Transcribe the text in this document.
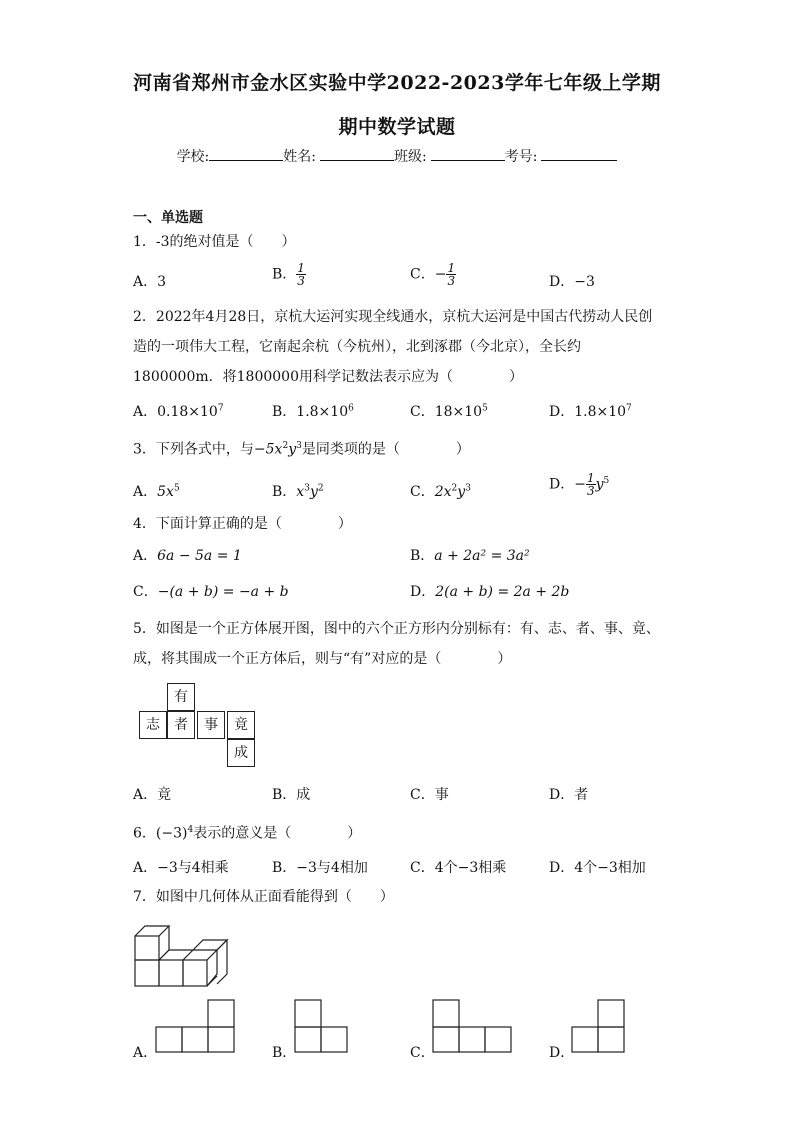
河南省郑州市金水区实验中学2022-2023学年七年级上学期
期中数学试题
学校:	姓名:	班级:	考号:
一、单选题
1．-3的绝对值是（　　）
A．3	B． $\frac{1}{3}$	C．− $\frac{1}{3}$	D．−3
2．2022年4月28日，京杭大运河实现全线通水，京杭大运河是中国古代捞动人民创
造的一项伟大工程，它南起余杭（今杭州），北到涿郡（今北京），全长约
1800000m．将1800000用科学记数法表示应为（　　　　）
A．$0.18\times 10^7$	B．$1.8\times 10^6$	C．$18\times 10^5$	D．$1.8\times 10^7$
3．下列各式中，与$-5x^2y^3$是同类项的是（　　　　）
A．$5x^5$	B．$x^3y^2$	C．$2x^2y^3$	D．− $\frac{1}{3} y^5$
4．下面计算正确的是（　　　　）
A．6a − 5a = 1	B．a + 2a² = 3a²
C．−(a + b) = −a + b	D．2(a + b) = 2a + 2b
5．如图是一个正方体展开图，图中的六个正方形内分别标有：有、志、者、事、竟、
成，将其围成一个正方体后，则与“有”对应的是（　　　　）
有
志	者	事	竟
成
A．竟	B．成	C．事	D．者
6．$(-3)^4$表示的意义是（　　　　）
A．−3与4相乘	B．−3与4相加	C．4个−3相乘	D．4个−3相加
7．如图中几何体从正面看能得到（　　）
A．	B．	C．	D．
